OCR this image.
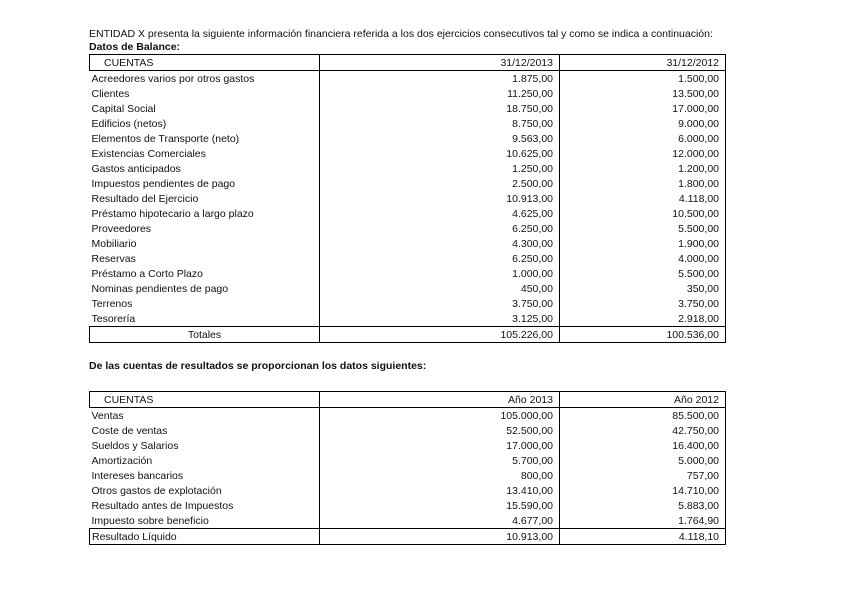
ENTIDAD X presenta la siguiente información financiera referida a los dos ejercicios consecutivos tal y como se indica a continuación:

Datos de Balance:

CUENTAS	31/12/2013	31/12/2012
Acreedores varios por otros gastos	1.875,00	1.500,00
Clientes	11.250,00	13.500,00
Capital Social	18.750,00	17.000,00
Edificios (netos)	8.750,00	9.000,00
Elementos de Transporte (neto)	9.563,00	6.000,00
Existencias Comerciales	10.625,00	12.000,00
Gastos anticipados	1.250,00	1.200,00
Impuestos pendientes de pago	2.500,00	1.800,00
Resultado del Ejercicio	10.913,00	4.118,00
Préstamo hipotecario a largo plazo	4.625,00	10.500,00
Proveedores	6.250,00	5.500,00
Mobiliario	4.300,00	1.900,00
Reservas	6.250,00	4.000,00
Préstamo a Corto Plazo	1.000,00	5.500,00
Nominas pendientes de pago	450,00	350,00
Terrenos	3.750,00	3.750,00
Tesorería	3.125,00	2.918,00
Totales	105.226,00	100.536,00

De las cuentas de resultados se proporcionan los datos siguientes:

CUENTAS	Año 2013	Año 2012
Ventas	105.000,00	85.500,00
Coste de ventas	52.500,00	42.750,00
Sueldos y Salarios	17.000,00	16.400,00
Amortización	5.700,00	5.000,00
Intereses bancarios	800,00	757,00
Otros gastos de explotación	13.410,00	14.710,00
Resultado antes de Impuestos	15.590,00	5.883,00
Impuesto sobre beneficio	4.677,00	1.764,90
Resultado Líquido	10.913,00	4.118,10
